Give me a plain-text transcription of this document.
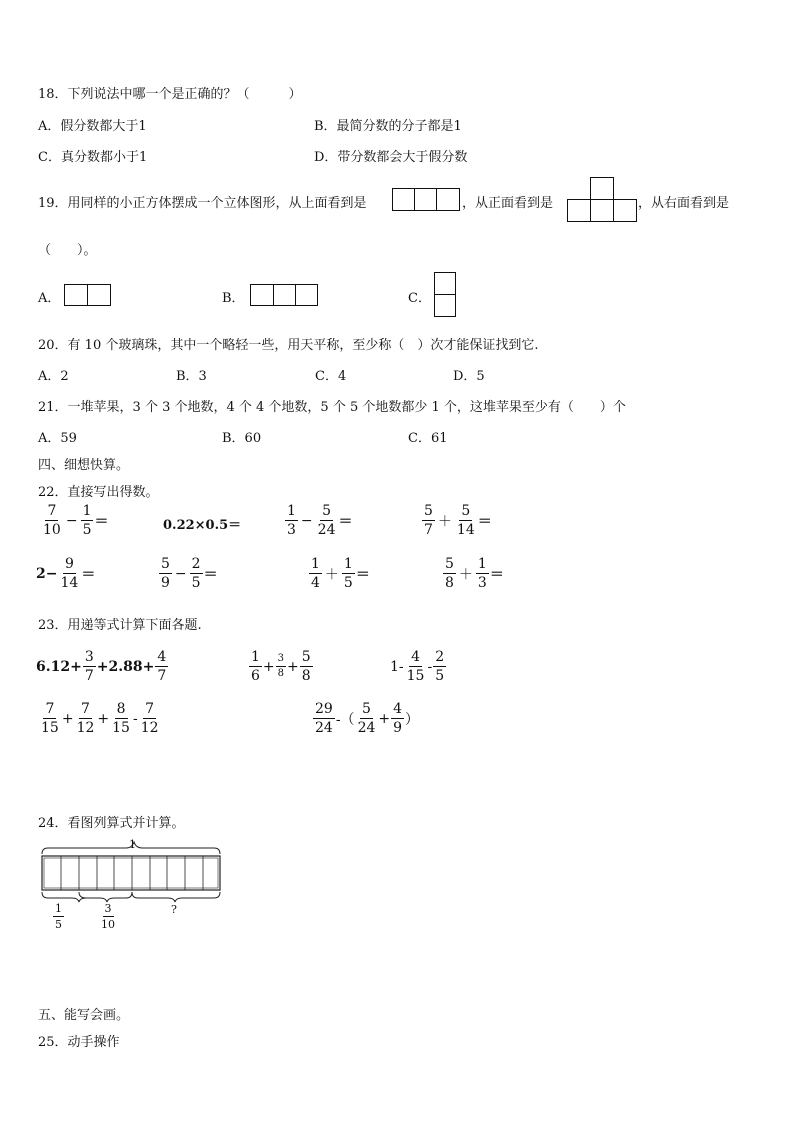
18．下列说法中哪一个是正确的？（　　　）
A．假分数都大于1	B．最简分数的分子都是1
C．真分数都小于1	D．带分数都会大于假分数
19．用同样的小正方体摆成一个立体图形，从上面看到是	，从正面看到是	，从右面看到是
（　　）。
A．	B．	C．
20．有 10 个玻璃珠，其中一个略轻一些，用天平称，至少称（　）次才能保证找到它.
A．2	B．3	C．4	D．5
21．一堆苹果，3 个 3 个地数，4 个 4 个地数，5 个 5 个地数都少 1 个，这堆苹果至少有（　　）个
A．59	B．60	C．61
四、细想快算。
22．直接写出得数。
$\frac{7}{10} - \frac{1}{5}$ ＝	0.22×0.5＝	$\frac{1}{3} - \frac{5}{24}$ ＝	$\frac{5}{7} + \frac{5}{14}$ ＝
$2- \frac{9}{14}$ ＝	$\frac{5}{9} - \frac{2}{5}$ ＝	$\frac{1}{4} + \frac{1}{5}$ ＝	$\frac{5}{8} + \frac{1}{3}$ ＝
23．用递等式计算下面各题.
$6.12+ \frac{3}{7} +2.88+ \frac{4}{7}$	$\frac{1}{6} + \frac{3}{8} + \frac{5}{8}$	$1- \frac{4}{15} - \frac{2}{5}$
$\frac{7}{15} + \frac{7}{12} + \frac{8}{15} - \frac{7}{12}$	$\frac{29}{24}$ -（ $\frac{5}{24} + \frac{4}{9}$ ）
24．看图列算式并计算。
1
$\frac{1}{5}$	$\frac{3}{10}$	?
五、能写会画。
25．动手操作
